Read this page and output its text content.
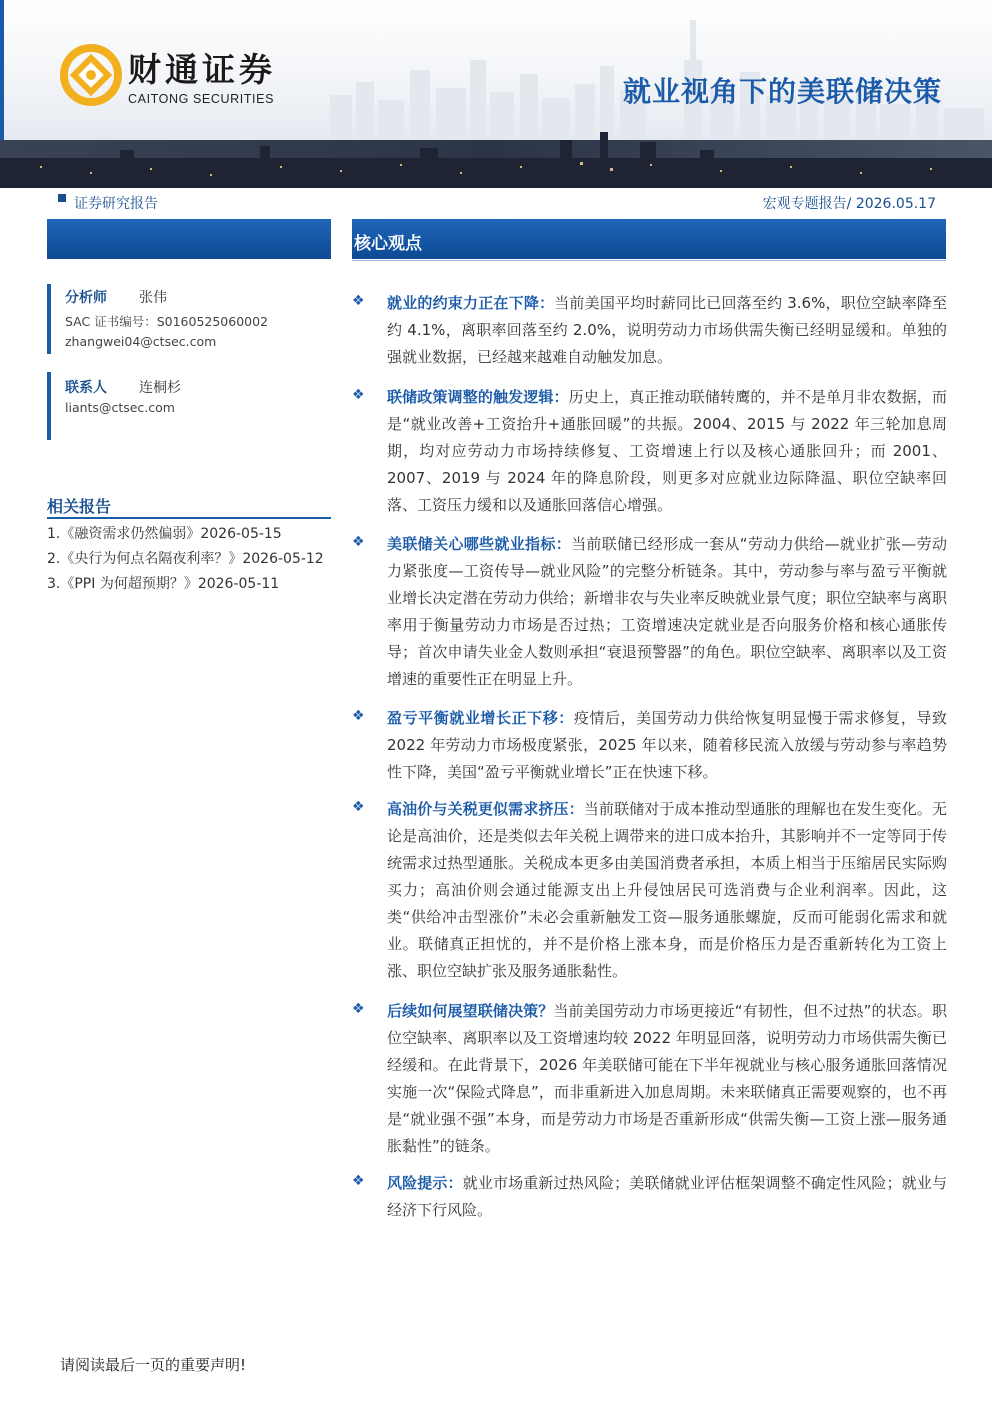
财通证券
CAITONG SECURITIES	就业视角下的美联储决策
证券研究报告	宏观专题报告/ 2026.05.17
分析师 张伟
SAC 证书编号：S0160525060002
zhangwei04@ctsec.com
联系人 连桐杉
liants@ctsec.com
相关报告
1.《融资需求仍然偏弱》2026-05-15
2.《央行为何点名隔夜利率？》2026-05-12
3.《PPI 为何超预期？》2026-05-11
核心观点
❖ 就业的约束力正在下降：当前美国平均时薪同比已回落至约 3.6%，职位空缺率降至约 4.1%，离职率回落至约 2.0%，说明劳动力市场供需失衡已经明显缓和。单独的强就业数据，已经越来越难自动触发加息。
❖ 联储政策调整的触发逻辑：历史上，真正推动联储转鹰的，并不是单月非农数据，而是“就业改善+工资抬升+通胀回暖”的共振。2004、2015 与 2022 年三轮加息周期，均对应劳动力市场持续修复、工资增速上行以及核心通胀回升；而 2001、2007、2019 与 2024 年的降息阶段，则更多对应就业边际降温、职位空缺率回落、工资压力缓和以及通胀回落信心增强。
❖ 美联储关心哪些就业指标：当前联储已经形成一套从“劳动力供给—就业扩张—劳动力紧张度—工资传导—就业风险”的完整分析链条。其中，劳动参与率与盈亏平衡就业增长决定潜在劳动力供给；新增非农与失业率反映就业景气度；职位空缺率与离职率用于衡量劳动力市场是否过热；工资增速决定就业是否向服务价格和核心通胀传导；首次申请失业金人数则承担“衰退预警器”的角色。职位空缺率、离职率以及工资增速的重要性正在明显上升。
❖ 盈亏平衡就业增长正下移：疫情后，美国劳动力供给恢复明显慢于需求修复，导致 2022 年劳动力市场极度紧张，2025 年以来，随着移民流入放缓与劳动参与率趋势性下降，美国“盈亏平衡就业增长”正在快速下移。
❖ 高油价与关税更似需求挤压：当前联储对于成本推动型通胀的理解也在发生变化。无论是高油价，还是类似去年关税上调带来的进口成本抬升，其影响并不一定等同于传统需求过热型通胀。关税成本更多由美国消费者承担，本质上相当于压缩居民实际购买力；高油价则会通过能源支出上升侵蚀居民可选消费与企业利润率。因此，这类“供给冲击型涨价”未必会重新触发工资—服务通胀螺旋，反而可能弱化需求和就业。联储真正担忧的，并不是价格上涨本身，而是价格压力是否重新转化为工资上涨、职位空缺扩张及服务通胀黏性。
❖ 后续如何展望联储决策？当前美国劳动力市场更接近“有韧性，但不过热”的状态。职位空缺率、离职率以及工资增速均较 2022 年明显回落，说明劳动力市场供需失衡已经缓和。在此背景下，2026 年美联储可能在下半年视就业与核心服务通胀回落情况实施一次“保险式降息”，而非重新进入加息周期。未来联储真正需要观察的，也不再是“就业强不强”本身，而是劳动力市场是否重新形成“供需失衡—工资上涨—服务通胀黏性”的链条。
❖ 风险提示：就业市场重新过热风险；美联储就业评估框架调整不确定性风险；就业与经济下行风险。
请阅读最后一页的重要声明!
